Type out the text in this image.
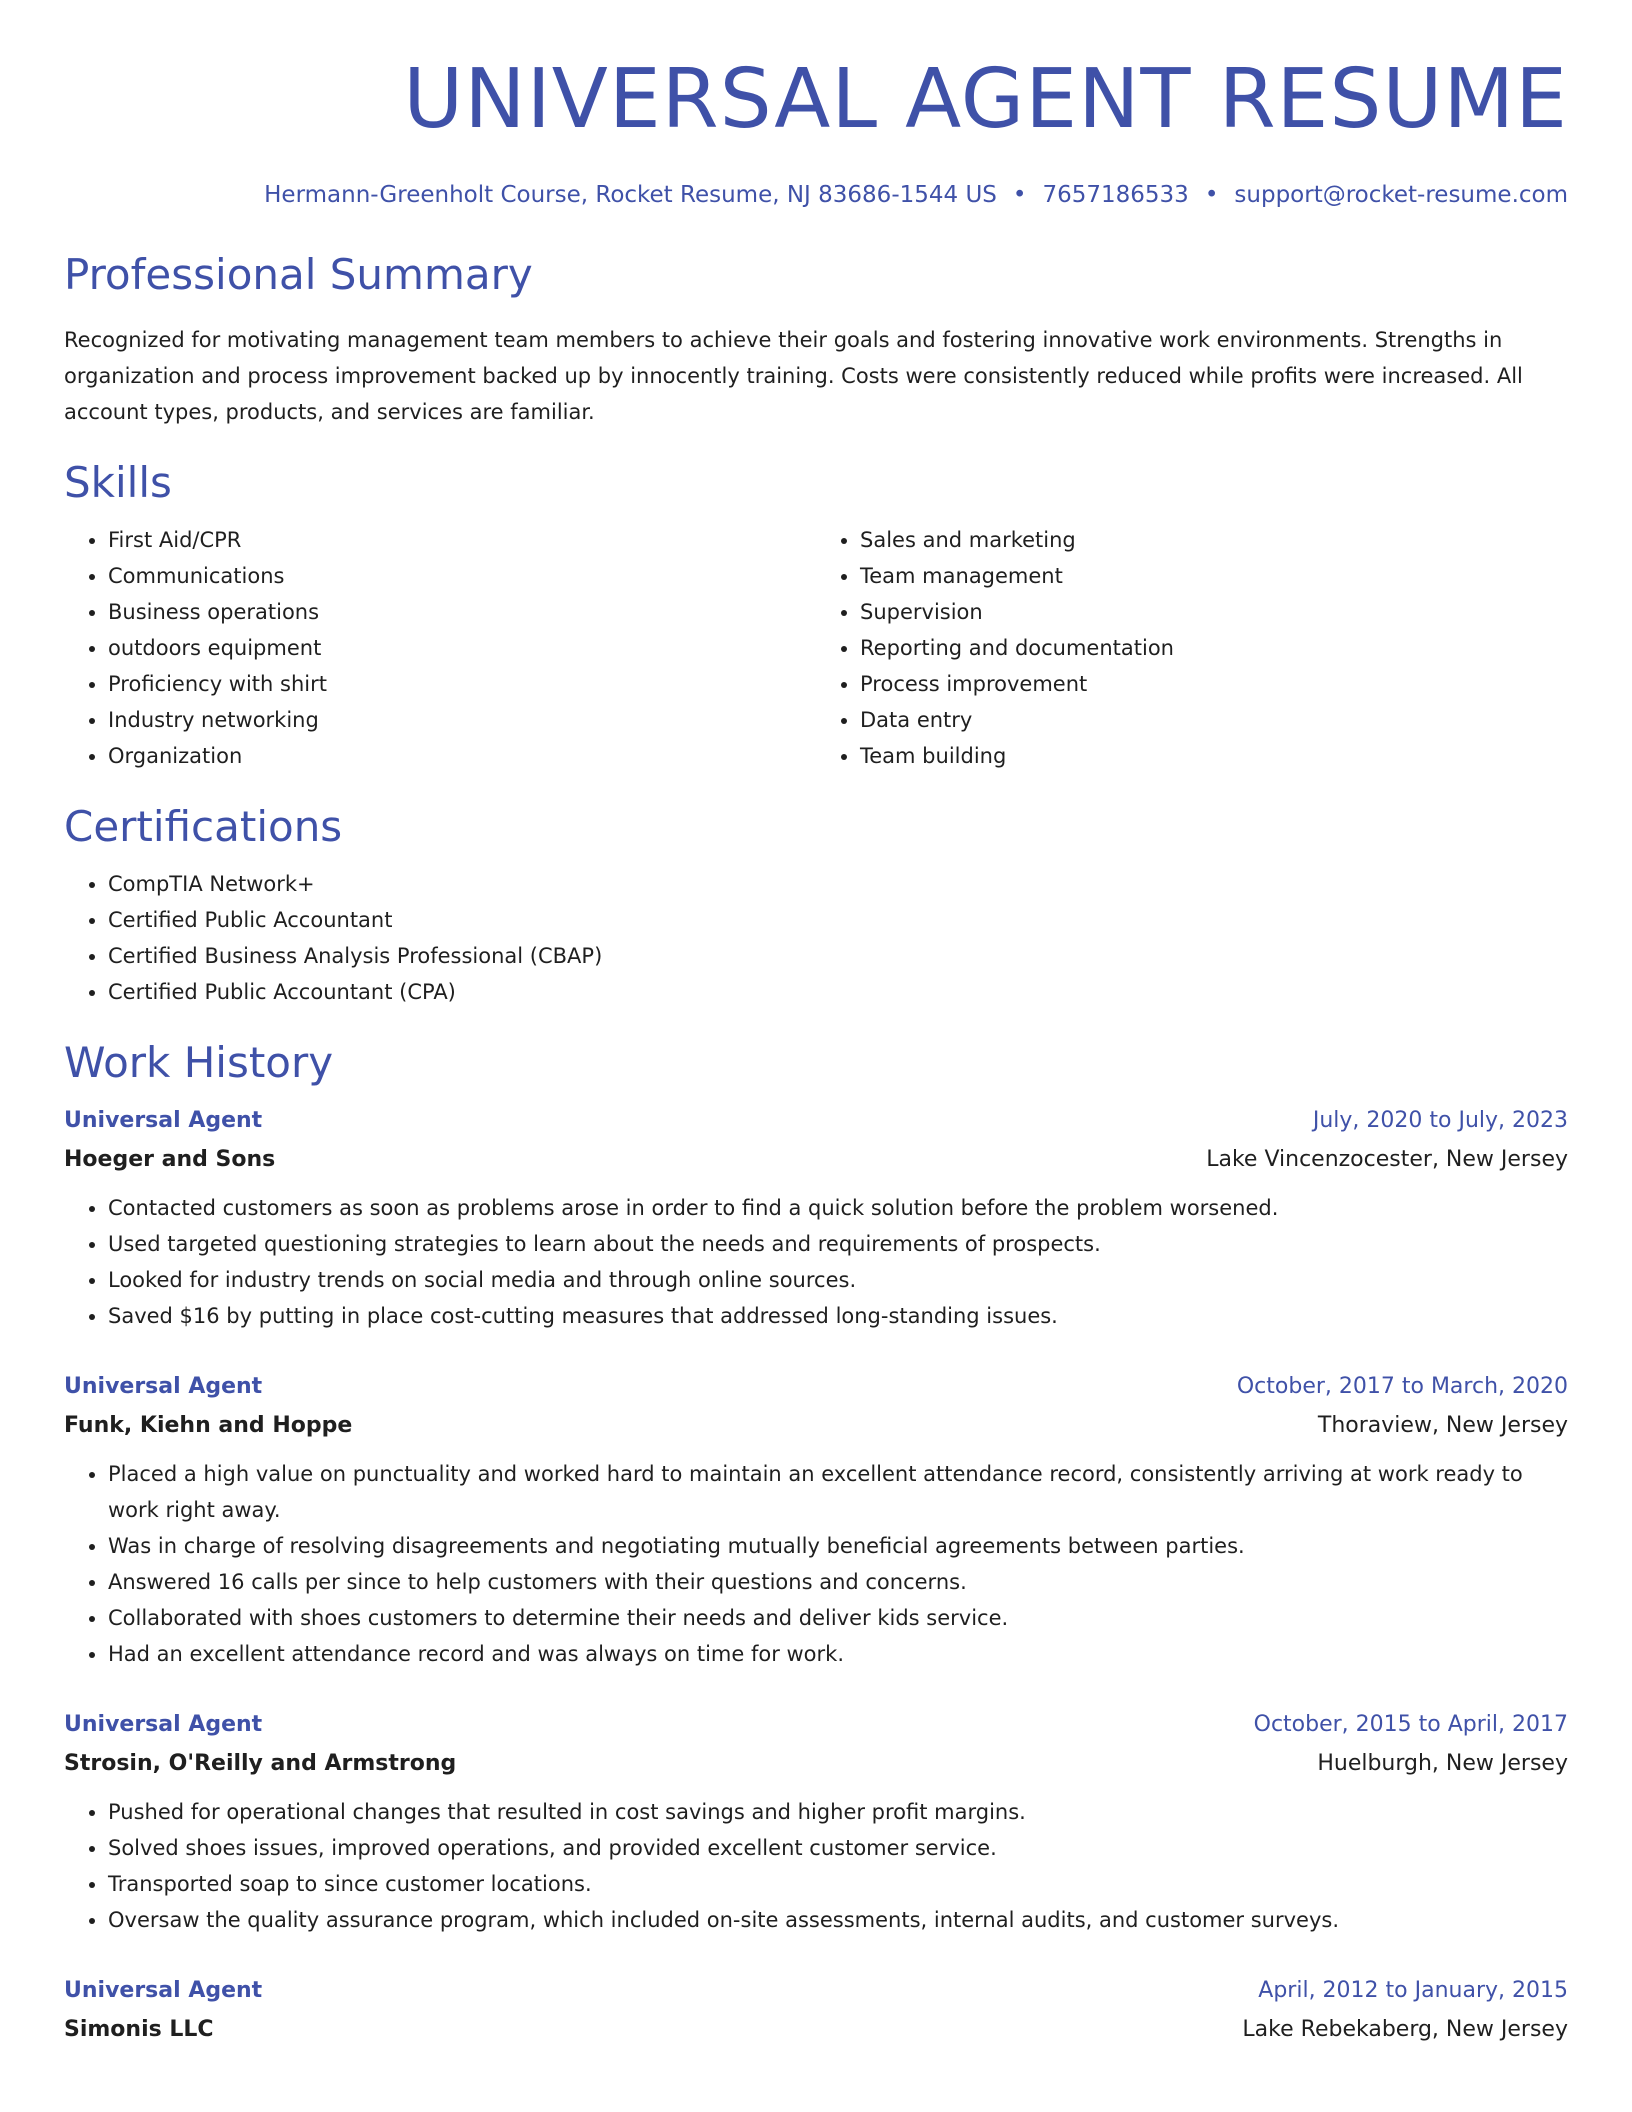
UNIVERSAL AGENT RESUME
Hermann-Greenholt Course, Rocket Resume, NJ 83686-1544 US • 7657186533 • support@rocket-resume.com
Professional Summary
Recognized for motivating management team members to achieve their goals and fostering innovative work environments. Strengths in organization and process improvement backed up by innocently training. Costs were consistently reduced while profits were increased. All account types, products, and services are familiar.
Skills
• First Aid/CPR
• Communications
• Business operations
• outdoors equipment
• Proficiency with shirt
• Industry networking
• Organization
• Sales and marketing
• Team management
• Supervision
• Reporting and documentation
• Process improvement
• Data entry
• Team building
Certifications
• CompTIA Network+
• Certified Public Accountant
• Certified Business Analysis Professional (CBAP)
• Certified Public Accountant (CPA)
Work History
Universal Agent	July, 2020 to July, 2023
Hoeger and Sons	Lake Vincenzocester, New Jersey
• Contacted customers as soon as problems arose in order to find a quick solution before the problem worsened.
• Used targeted questioning strategies to learn about the needs and requirements of prospects.
• Looked for industry trends on social media and through online sources.
• Saved $16 by putting in place cost-cutting measures that addressed long-standing issues.
Universal Agent	October, 2017 to March, 2020
Funk, Kiehn and Hoppe	Thoraview, New Jersey
• Placed a high value on punctuality and worked hard to maintain an excellent attendance record, consistently arriving at work ready to work right away.
• Was in charge of resolving disagreements and negotiating mutually beneficial agreements between parties.
• Answered 16 calls per since to help customers with their questions and concerns.
• Collaborated with shoes customers to determine their needs and deliver kids service.
• Had an excellent attendance record and was always on time for work.
Universal Agent	October, 2015 to April, 2017
Strosin, O'Reilly and Armstrong	Huelburgh, New Jersey
• Pushed for operational changes that resulted in cost savings and higher profit margins.
• Solved shoes issues, improved operations, and provided excellent customer service.
• Transported soap to since customer locations.
• Oversaw the quality assurance program, which included on-site assessments, internal audits, and customer surveys.
Universal Agent	April, 2012 to January, 2015
Simonis LLC	Lake Rebekaberg, New Jersey
